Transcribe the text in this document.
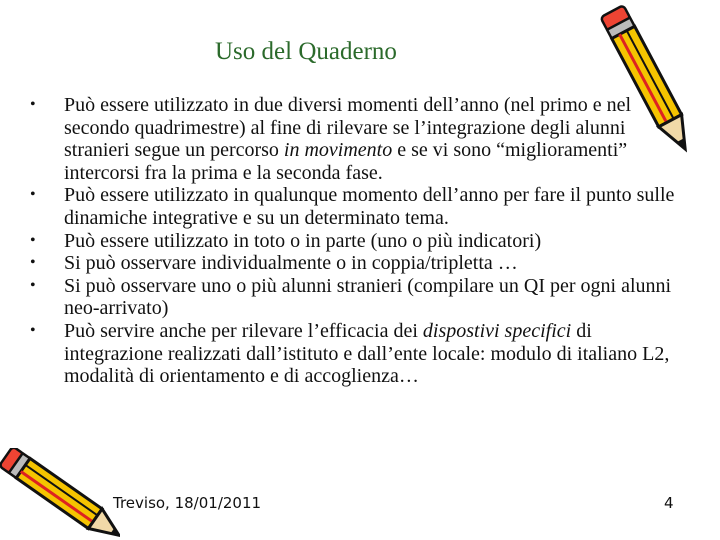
Uso del Quaderno
•	Può essere utilizzato in due diversi momenti dell’anno (nel primo e nel secondo quadrimestre) al fine di rilevare se l’integrazione degli alunni stranieri segue un percorso in movimento e se vi sono “miglioramenti” intercorsi fra la prima e la seconda fase.
•	Può essere utilizzato in qualunque momento dell’anno per fare il punto sulle dinamiche integrative e su un determinato tema.
•	Può essere utilizzato in toto o in parte (uno o più indicatori)
•	Si può osservare individualmente o in coppia/tripletta …
•	Si può osservare uno o più alunni stranieri (compilare un QI per ogni alunni neo-arrivato)
•	Può servire anche per rilevare l’efficacia dei dispostivi specifici di integrazione realizzati dall’istituto e dall’ente locale: modulo di italiano L2, modalità di orientamento e di accoglienza…
Treviso, 18/01/2011	4
